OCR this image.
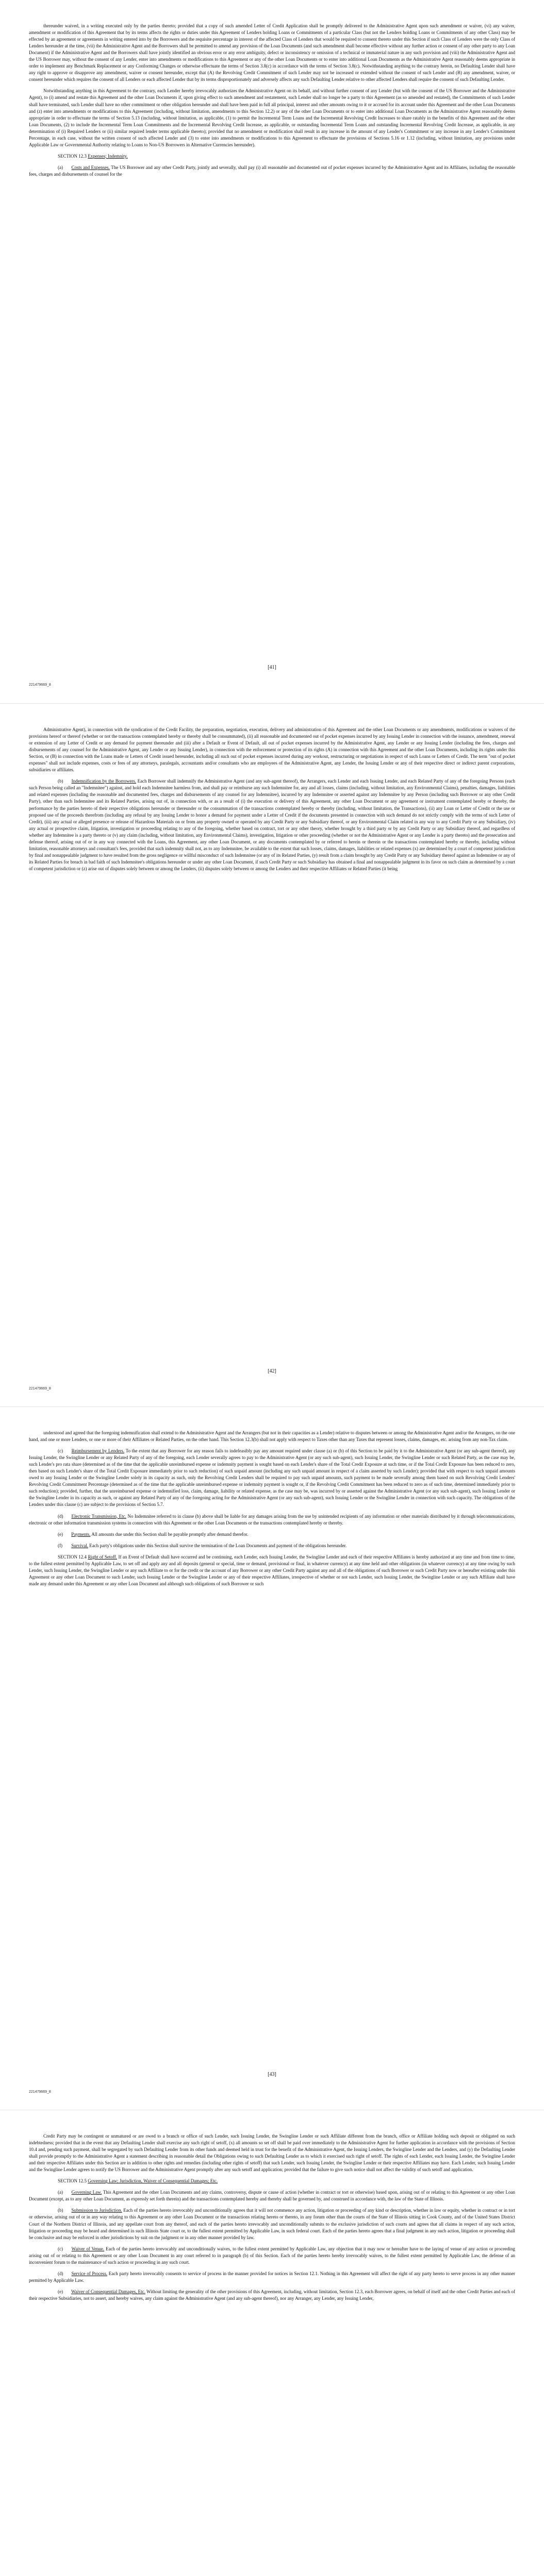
thereunder waived, in a writing executed only by the parties thereto; provided that a copy of such amended Letter of Credit Application shall be promptly delivered to the Administrative Agent upon such amendment or waiver, (vi) any waiver, amendment or modification of this Agreement that by its terms affects the rights or duties under this Agreement of Lenders holding Loans or Commitments of a particular Class (but not the Lenders holding Loans or Commitments of any other Class) may be effected by an agreement or agreements in writing entered into by the Borrowers and the requisite percentage in interest of the affected Class of Lenders that would be required to consent thereto under this Section if such Class of Lenders were the only Class of Lenders hereunder at the time, (vii) the Administrative Agent and the Borrowers shall be permitted to amend any provision of the Loan Documents (and such amendment shall become effective without any further action or consent of any other party to any Loan Document) if the Administrative Agent and the Borrowers shall have jointly identified an obvious error or any error ambiguity, defect or inconsistency or omission of a technical or immaterial nature in any such provision and (viii) the Administrative Agent and the US Borrower may, without the consent of any Lender, enter into amendments or modifications to this Agreement or any of the other Loan Documents or to enter into additional Loan Documents as the Administrative Agent reasonably deems appropriate in order to implement any Benchmark Replacement or any Conforming Changes or otherwise effectuate the terms of Section 3.8(c) in accordance with the terms of Section 3.8(c). Notwithstanding anything to the contrary herein, no Defaulting Lender shall have any right to approve or disapprove any amendment, waiver or consent hereunder, except that (A) the Revolving Credit Commitment of such Lender may not be increased or extended without the consent of such Lender and (B) any amendment, waiver, or consent hereunder which requires the consent of all Lenders or each affected Lender that by its terms disproportionately and adversely affects any such Defaulting Lender relative to other affected Lenders shall require the consent of such Defaulting Lender.

Notwithstanding anything in this Agreement to the contrary, each Lender hereby irrevocably authorizes the Administrative Agent on its behalf, and without further consent of any Lender (but with the consent of the US Borrower and the Administrative Agent), to (i) amend and restate this Agreement and the other Loan Documents if, upon giving effect to such amendment and restatement, such Lender shall no longer be a party to this Agreement (as so amended and restated), the Commitments of such Lender shall have terminated, such Lender shall have no other commitment or other obligation hereunder and shall have been paid in full all principal, interest and other amounts owing to it or accrued for its account under this Agreement and the other Loan Documents and (z) enter into amendments or modifications to this Agreement (including, without limitation, amendments to this Section 12.2) or any of the other Loan Documents or to enter into additional Loan Documents as the Administrative Agent reasonably deems appropriate in order to effectuate the terms of Section 5.13 (including, without limitation, as applicable, (1) to permit the Incremental Term Loans and the Incremental Revolving Credit Increases to share ratably in the benefits of this Agreement and the other Loan Documents, (2) to include the Incremental Term Loan Commitments and the Incremental Revolving Credit Increase, as applicable, or outstanding Incremental Term Loans and outstanding Incremental Revolving Credit Increase, as applicable, in any determination of (i) Required Lenders or (ii) similar required lender terms applicable thereto); provided that no amendment or modification shall result in any increase in the amount of any Lender's Commitment or any increase in any Lender's Commitment Percentage, in each case, without the written consent of such affected Lender and (3) to enter into amendments or modifications to this Agreement to effectuate the provisions of Sections 5.16 or 1.12 (including, without limitation, any provisions under Applicable Law or Governmental Authority relating to Loans to Non-US Borrowers in Alternative Currencies hereunder).

SECTION 12.3 Expenses; Indemnity.

(a) Costs and Expenses. The US Borrower and any other Credit Party, jointly and severally, shall pay (i) all reasonable and documented out of pocket expenses incurred by the Administrative Agent and its Affiliates, including the reasonable fees, charges and disbursements of counsel for the

[41]
221479669_8

Administrative Agent), in connection with the syndication of the Credit Facility, the preparation, negotiation, execution, delivery and administration of this Agreement and the other Loan Documents or any amendments, modifications or waivers of the provisions hereof or thereof (whether or not the transactions contemplated hereby or thereby shall be consummated), (ii) all reasonable and documented out of pocket expenses incurred by any Issuing Lender in connection with the issuance, amendment, renewal or extension of any Letter of Credit or any demand for payment thereunder and (iii) after a Default or Event of Default, all out of pocket expenses incurred by the Administrative Agent, any Lender or any Issuing Lender (including the fees, charges and disbursements of any counsel for the Administrative Agent, any Lender or any Issuing Lender), in connection with the enforcement or protection of its rights (A) in connection with this Agreement and the other Loan Documents, including its rights under this Section, or (B) in connection with the Loans made or Letters of Credit issued hereunder, including all such out of pocket expenses incurred during any workout, restructuring or negotiations in respect of such Loans or Letters of Credit. The term "out of pocket expenses" shall not include expenses, costs or fees of any attorneys, paralegals, accountants and/or consultants who are employees of the Administrative Agent, any Lender, the Issuing Lender or any of their respective direct or indirect parent corporations, subsidiaries or affiliates.

(b) Indemnification by the Borrowers. Each Borrower shall indemnify the Administrative Agent (and any sub-agent thereof), the Arrangers, each Lender and each Issuing Lender, and each Related Party of any of the foregoing Persons (each such Person being called an "Indemnitee") against, and hold each Indemnitee harmless from, and shall pay or reimburse any such Indemnitee for, any and all losses, claims (including, without limitation, any Environmental Claims), penalties, damages, liabilities and related expenses (including the reasonable and documented fees, charges and disbursements of any counsel for any Indemnitee), incurred by any Indemnitee or asserted against any Indemnitee by any Person (including such Borrower or any other Credit Party), other than such Indemnitee and its Related Parties, arising out of, in connection with, or as a result of (i) the execution or delivery of this Agreement, any other Loan Document or any agreement or instrument contemplated hereby or thereby, the performance by the parties hereto of their respective obligations hereunder or thereunder or the consummation of the transactions contemplated hereby or thereby (including, without limitation, the Transactions), (ii) any Loan or Letter of Credit or the use or proposed use of the proceeds therefrom (including any refusal by any Issuing Lender to honor a demand for payment under a Letter of Credit if the documents presented in connection with such demand do not strictly comply with the terms of such Letter of Credit), (iii) any actual or alleged presence or release of Hazardous Materials on or from any property owned or operated by any Credit Party or any Subsidiary thereof, or any Environmental Claim related in any way to any Credit Party or any Subsidiary, (iv) any actual or prospective claim, litigation, investigation or proceeding relating to any of the foregoing, whether based on contract, tort or any other theory, whether brought by a third party or by any Credit Party or any Subsidiary thereof, and regardless of whether any Indemnitee is a party thereto or (v) any claim (including, without limitation, any Environmental Claims), investigation, litigation or other proceeding (whether or not the Administrative Agent or any Lender is a party thereto) and the prosecution and defense thereof, arising out of or in any way connected with the Loans, this Agreement, any other Loan Document, or any documents contemplated by or referred to herein or therein or the transactions contemplated hereby or thereby, including without limitation, reasonable attorneys and consultant's fees, provided that such indemnity shall not, as to any Indemnitee, be available to the extent that such losses, claims, damages, liabilities or related expenses (x) are determined by a court of competent jurisdiction by final and nonappealable judgment to have resulted from the gross negligence or willful misconduct of such Indemnitee (or any of its Related Parties, (y) result from a claim brought by any Credit Party or any Subsidiary thereof against an Indemnitee or any of its Related Parties for breach in bad faith of such Indemnitee's obligations hereunder or under any other Loan Document, if such Credit Party or such Subsidiary has obtained a final and nonappealable judgment in its favor on such claim as determined by a court of competent jurisdiction or (z) arise out of disputes solely between or among the Lenders, (ii) disputes solely between or among the Lenders and their respective Affiliates or Related Parties (it being

[42]
221479669_8

understood and agreed that the foregoing indemnification shall extend to the Administrative Agent and the Arrangers (but not in their capacities as a Lender) relative to disputes between or among the Administrative Agent and/or the Arrangers, on the one hand, and one or more Lenders, or one or more of their Affiliates or Related Parties, on the other hand. This Section 12.3(b) shall not apply with respect to Taxes other than any Taxes that represent losses, claims, damages, etc. arising from any non-Tax claim.

(c) Reimbursement by Lenders. To the extent that any Borrower for any reason fails to indefeasibly pay any amount required under clause (a) or (b) of this Section to be paid by it to the Administrative Agent (or any sub-agent thereof), any Issuing Lender, the Swingline Lender or any Related Party of any of the foregoing, each Lender severally agrees to pay to the Administrative Agent (or any such sub-agent), such Issuing Lender, the Swingline Lender or such Related Party, as the case may be, such Lender's pro rata share (determined as of the time that the applicable unreimbursed expense or indemnity payment is sought based on each Lender's share of the Total Credit Exposure at such time, or if the Total Credit Exposure has been reduced to zero, then based on such Lender's share of the Total Credit Exposure immediately prior to such reduction) of such unpaid amount (including any such unpaid amount in respect of a claim asserted by such Lender); provided that with respect to such unpaid amounts owed to any Issuing Lender or the Swingline Lender solely in its capacity as such, only the Revolving Credit Lenders shall be required to pay such unpaid amounts, such payment to be made severally among them based on such Revolving Credit Lenders' Revolving Credit Commitment Percentage (determined as of the time that the applicable unreimbursed expense or indemnity payment is sought or, if the Revolving Credit Commitment has been reduced to zero as of such time, determined immediately prior to such reduction); provided, further, that the unreimbursed expense or indemnified loss, claim, damage, liability or related expense, as the case may be, was incurred by or asserted against the Administrative Agent (or any such sub-agent), such Issuing Lender or the Swingline Lender in its capacity as such, or against any Related Party of any of the foregoing acting for the Administrative Agent (or any such sub-agent), such Issuing Lender or the Swingline Lender in connection with such capacity. The obligations of the Lenders under this clause (c) are subject to the provisions of Section 5.7.

(d) Electronic Transmission, Etc. No Indemnitee referred to in clause (b) above shall be liable for any damages arising from the use by unintended recipients of any information or other materials distributed by it through telecommunications, electronic or other information transmission systems in connection with this Agreement or the other Loan Documents or the transactions contemplated hereby or thereby.

(e) Payments. All amounts due under this Section shall be payable promptly after demand therefor.

(f) Survival. Each party's obligations under this Section shall survive the termination of the Loan Documents and payment of the obligations hereunder.

SECTION 12.4 Right of Setoff. If an Event of Default shall have occurred and be continuing, each Lender, each Issuing Lender, the Swingline Lender and each of their respective Affiliates is hereby authorized at any time and from time to time, to the fullest extent permitted by Applicable Law, to set off and apply any and all deposits (general or special, time or demand, provisional or final, in whatever currency) at any time held and other obligations (in whatever currency) at any time owing by such Lender, such Issuing Lender, the Swingline Lender or any such Affiliate to or for the credit or the account of any Borrower or any other Credit Party against any and all of the obligations of such Borrower or such Credit Party now or hereafter existing under this Agreement or any other Loan Document to such Lender, such Issuing Lender or the Swingline Lender or any of their respective Affiliates, irrespective of whether or not such Lender, such Issuing Lender, the Swingline Lender or any such Affiliate shall have made any demand under this Agreement or any other Loan Document and although such obligations of such Borrower or such

[43]
221479669_8

Credit Party may be contingent or unmatured or are owed to a branch or office of such Lender, such Issuing Lender, the Swingline Lender or such Affiliate different from the branch, office or Affiliate holding such deposit or obligated on such indebtedness; provided that in the event that any Defaulting Lender shall exercise any such right of setoff, (x) all amounts so set off shall be paid over immediately to the Administrative Agent for further application in accordance with the provisions of Section 10.4 and, pending such payment, shall be segregated by such Defaulting Lender from its other funds and deemed held in trust for the benefit of the Administrative Agent, the Issuing Lenders, the Swingline Lender and the Lenders, and (y) the Defaulting Lender shall provide promptly to the Administrative Agent a statement describing in reasonable detail the Obligations owing to such Defaulting Lender as to which it exercised such right of setoff. The rights of each Lender, each Issuing Lender, the Swingline Lender and their respective Affiliates under this Section are in addition to other rights and remedies (including other rights of setoff) that such Lender, such Issuing Lender, the Swingline Lender or their respective Affiliates may have. Each Lender, such Issuing Lender and the Swingline Lender agrees to notify the US Borrower and the Administrative Agent promptly after any such setoff and application; provided that the failure to give such notice shall not affect the validity of such setoff and application.

SECTION 12.5 Governing Law; Jurisdiction, Waiver of Consequential Damages; Etc.

(a) Governing Law. This Agreement and the other Loan Documents and any claims, controversy, dispute or cause of action (whether in contract or tort or otherwise) based upon, arising out of or relating to this Agreement or any other Loan Document (except, as to any other Loan Document, as expressly set forth therein) and the transactions contemplated hereby and thereby shall be governed by, and construed in accordance with, the law of the State of Illinois.

(b) Submission to Jurisdiction. Each of the parties hereto irrevocably and unconditionally agrees that it will not commence any action, litigation or proceeding of any kind or description, whether in law or equity, whether in contract or in tort or otherwise, arising out of or in any way relating to this Agreement or any other Loan Document or the transactions relating hereto or thereto, in any forum other than the courts of the State of Illinois sitting in Cook County, and of the United States District Court of the Northern District of Illinois, and any appellate court from any thereof, and each of the parties hereto irrevocably and unconditionally submits to the exclusive jurisdiction of such courts and agrees that all claims in respect of any such action, litigation or proceeding may be heard and determined in such Illinois State court or, to the fullest extent permitted by Applicable Law, in such federal court. Each of the parties hereto agrees that a final judgment in any such action, litigation or proceeding shall be conclusive and may be enforced in other jurisdictions by suit on the judgment or in any other manner provided by law.

(c) Waiver of Venue. Each of the parties hereto irrevocably and unconditionally waives, to the fullest extent permitted by Applicable Law, any objection that it may now or hereafter have to the laying of venue of any action or proceeding arising out of or relating to this Agreement or any other Loan Document in any court referred to in paragraph (b) of this Section. Each of the parties hereto hereby irrevocably waives, to the fullest extent permitted by Applicable Law, the defense of an inconvenient forum to the maintenance of such action or proceeding in any such court.

(d) Service of Process. Each party hereto irrevocably consents to service of process in the manner provided for notices in Section 12.1. Nothing in this Agreement will affect the right of any party hereto to serve process in any other manner permitted by Applicable Law.

(e) Waiver of Consequential Damages, Etc. Without limiting the generality of the other provisions of this Agreement, including, without limitation, Section 12.3, each Borrower agrees, on behalf of itself and the other Credit Parties and each of their respective Subsidiaries, not to assert, and hereby waives, any claim against the Administrative Agent (and any sub-agent thereof), nor any Arranger, any Lender, any Issuing Lender,
